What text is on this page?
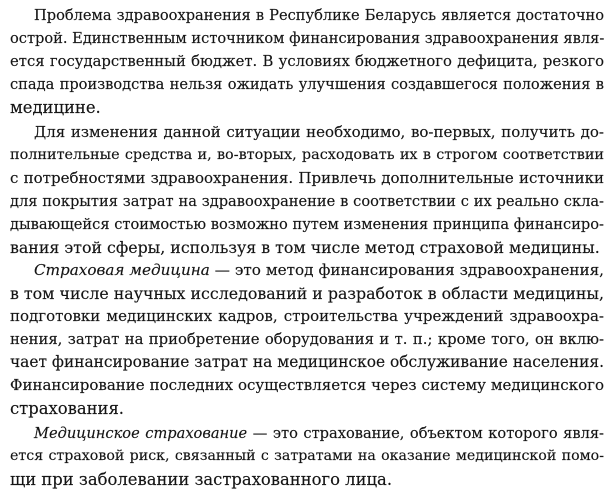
Проблема здравоохранения в Республике Беларусь является достаточно
острой. Единственным источником финансирования здравоохранения явля-
ется государственный бюджет. В условиях бюджетного дефицита, резкого
спада производства нельзя ожидать улучшения создавшегося положения в
медицине.
Для изменения данной ситуации необходимо, во-первых, получить до-
полнительные средства и, во-вторых, расходовать их в строгом соответствии
с потребностями здравоохранения. Привлечь дополнительные источники
для покрытия затрат на здравоохранение в соответствии с их реально скла-
дывающейся стоимостью возможно путем изменения принципа финансиро-
вания этой сферы, используя в том числе метод страховой медицины.
Страховая медицина — это метод финансирования здравоохранения,
в том числе научных исследований и разработок в области медицины,
подготовки медицинских кадров, строительства учреждений здравоохра-
нения, затрат на приобретение оборудования и т. п.; кроме того, он вклю-
чает финансирование затрат на медицинское обслуживание населения.
Финансирование последних осуществляется через систему медицинского
страхования.
Медицинское страхование — это страхование, объектом которого явля-
ется страховой риск, связанный с затратами на оказание медицинской помо-
щи при заболевании застрахованного лица.
